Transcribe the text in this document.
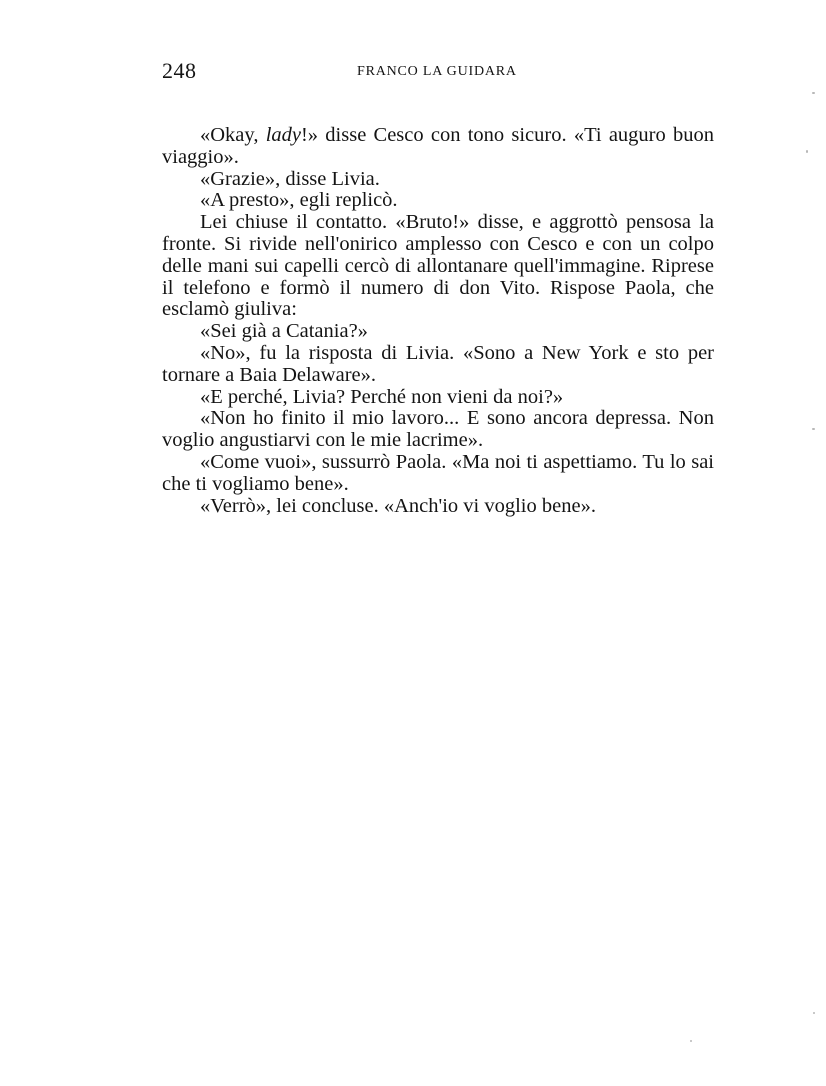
248	FRANCO LA GUIDARA

«Okay, lady!» disse Cesco con tono sicuro. «Ti auguro buon viaggio».

«Grazie», disse Livia.

«A presto», egli replicò.

Lei chiuse il contatto. «Bruto!» disse, e aggrottò pensosa la fronte. Si rivide nell'onirico amplesso con Cesco e con un colpo delle mani sui capelli cercò di allontanare quell'immagine. Riprese il telefono e formò il numero di don Vito. Rispose Paola, che esclamò giuliva:

«Sei già a Catania?»

«No», fu la risposta di Livia. «Sono a New York e sto per tornare a Baia Delaware».

«E perché, Livia? Perché non vieni da noi?»

«Non ho finito il mio lavoro... E sono ancora depressa. Non voglio angustiarvi con le mie lacrime».

«Come vuoi», sussurrò Paola. «Ma noi ti aspettiamo. Tu lo sai che ti vogliamo bene».

«Verrò», lei concluse. «Anch'io vi voglio bene».
